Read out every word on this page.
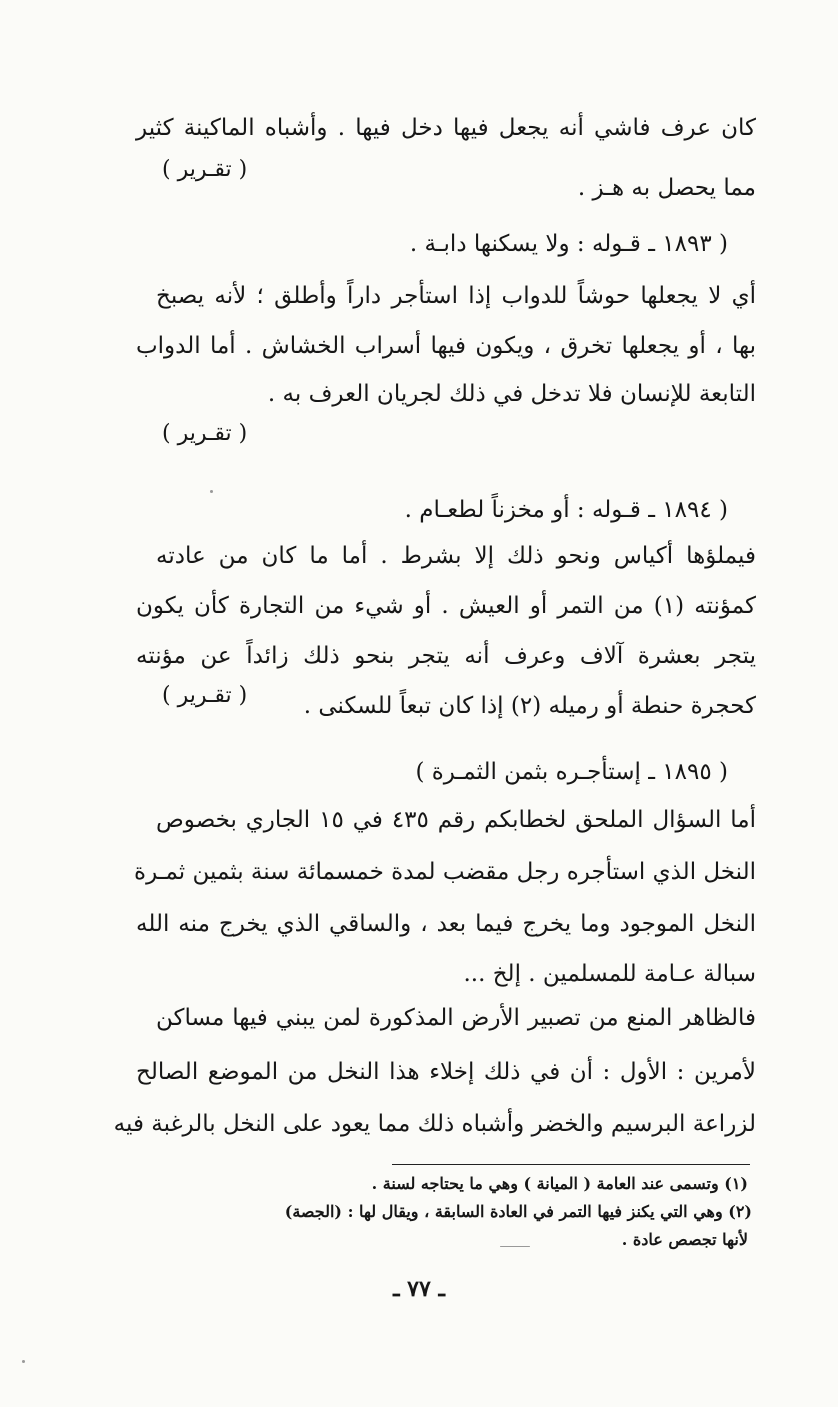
كان عرف فاشي أنه يجعل فيها دخل فيها . وأشباه الماكينة كثير
( تقـرير )
مما يحصل به هـز .
( ١٨٩٣ ـ قـوله : ولا يسكنها دابـة .
أي لا يجعلها حوشاً للدواب إذا استأجر داراً وأطلق ؛ لأنه يصبخ
بها ، أو يجعلها تخرق ، ويكون فيها أسراب الخشاش . أما الدواب
التابعة للإنسان فلا تدخل في ذلك لجريان العرف به .
( تقـرير )
( ١٨٩٤ ـ قـوله : أو مخزناً لطعـام .
فيملؤها أكياس ونحو ذلك إلا بشرط . أما ما كان من عادته
كمؤنته (١) من التمر أو العيش . أو شيء من التجارة كأن يكون
يتجر بعشرة آلاف وعرف أنه يتجر بنحو ذلك زائداً عن مؤنته
( تقـرير ) كحجرة حنطة أو رميله (٢) إذا كان تبعاً للسكنى .
( ١٨٩٥ ـ إستأجـره بثمن الثمـرة )
أما السؤال الملحق لخطابكم رقم ٤٣٥ في ١٥ الجاري بخصوص
النخل الذي استأجره رجل مقضب لمدة خمسمائة سنة بثمين ثمـرة
النخل الموجود وما يخرج فيما بعد ، والساقي الذي يخرج منه الله
سبالة عـامة للمسلمين . إلخ ...
فالظاهر المنع من تصبير الأرض المذكورة لمن يبني فيها مساكن
لأمرين : الأول : أن في ذلك إخلاء هذا النخل من الموضع الصالح
لزراعة البرسيم والخضر وأشباه ذلك مما يعود على النخل بالرغبة فيه
(١) وتسمى عند العامة ( الميانة ) وهي ما يحتاجه لسنة .
(٢) وهي التي يكنز فيها التمر في العادة السابقة ، ويقال لها : (الجصة)
لأنها تجصص عادة .
ـ ٧٧ ـ
